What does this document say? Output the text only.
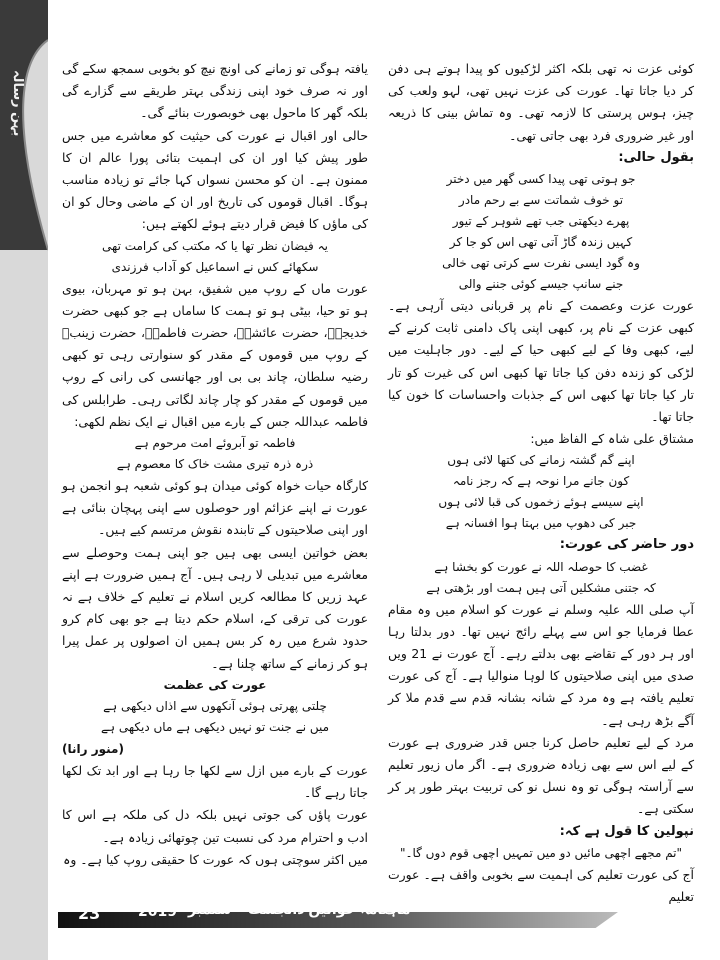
بہن رسالہ

کوئی عزت نہ تھی بلکہ اکثر لڑکیوں کو پیدا ہوتے ہی دفن کر دیا جاتا تھا۔ عورت کی عزت نہیں تھی، لہو ولعب کی چیز، ہوس پرستی کا لازمہ تھی۔ وہ تماش بینی کا ذریعہ اور غیر ضروری فرد بھی جاتی تھی۔

بقول حالی:

جو ہوتی تھی پیدا کسی گھر میں دختر
تو خوف شماتت سے بے رحم مادر
پھرے دیکھتی جب تھے شوہر کے تیور
کہیں زندہ گاڑ آتی تھی اس کو جا کر
وہ گود ایسی نفرت سے کرتی تھی خالی
جنے سانپ جیسے کوئی جننے والی

عورت عزت وعصمت کے نام پر قربانی دیتی آرہی ہے۔ کبھی عزت کے نام پر، کبھی اپنی پاک دامنی ثابت کرنے کے لیے، کبھی وفا کے لیے کبھی حیا کے لیے۔ دور جاہلیت میں لڑکی کو زندہ دفن کیا جاتا تھا کبھی اس کی غیرت کو تار تار کیا جاتا تھا کبھی اس کے جذبات واحساسات کا خون کیا جاتا تھا۔

مشتاق علی شاہ کے الفاظ میں:

اپنے گم گشتہ زمانے کی کتھا لائی ہوں
کون جانے مرا نوحہ ہے کہ رجز نامہ
اپنے سیسے ہوئے زخموں کی قبا لائی ہوں
جبر کی دھوپ میں بہتا ہوا افسانہ ہے

دور حاضر کی عورت:

غضب کا حوصلہ اللہ نے عورت کو بخشا ہے
کہ جتنی مشکلیں آتی ہیں ہمت اور بڑھتی ہے

آپ صلی اللہ علیہ وسلم نے عورت کو اسلام میں وہ مقام عطا فرمایا جو اس سے پہلے رائج نہیں تھا۔ دور بدلتا رہا اور ہر دور کے تقاضے بھی بدلتے رہے۔ آج عورت نے 21 ویں صدی میں اپنی صلاحیتوں کا لوہا منوالیا ہے۔ آج کی عورت تعلیم یافتہ ہے وہ مرد کے شانہ بشانہ قدم سے قدم ملا کر آگے بڑھ رہی ہے۔

مرد کے لیے تعلیم حاصل کرنا جس قدر ضروری ہے عورت کے لیے اس سے بھی زیادہ ضروری ہے۔ اگر ماں زیور تعلیم سے آراستہ ہوگی تو وہ نسل نو کی تربیت بہتر طور پر کر سکتی ہے۔

نپولین کا قول ہے کہ:

"تم مجھے اچھی مائیں دو میں تمہیں اچھی قوم دوں گا۔"

آج کی عورت تعلیم کی اہمیت سے بخوبی واقف ہے۔ عورت تعلیم

یافتہ ہوگی تو زمانے کی اونچ نیچ کو بخوبی سمجھ سکے گی اور نہ صرف خود اپنی زندگی بہتر طریقے سے گزارے گی بلکہ گھر کا ماحول بھی خوبصورت بنائے گی۔

حالی اور اقبال نے عورت کی حیثیت کو معاشرے میں جس طور پیش کیا اور ان کی اہمیت بتائی پورا عالم ان کا ممنون ہے۔ ان کو محسن نسواں کہا جائے تو زیادہ مناسب ہوگا۔ اقبال قوموں کی تاریخ اور ان کے ماضی وحال کو ان کی ماؤں کا فیض قرار دیتے ہوئے لکھتے ہیں:

یہ فیضان نظر تھا یا کہ مکتب کی کرامت تھی
سکھائے کس نے اسماعیل کو آداب فرزندی

عورت ماں کے روپ میں شفیق، بہن ہو تو مہربان، بیوی ہو تو حیا، بیٹی ہو تو ہمت کا ساماں ہے جو کبھی حضرت خدیجہؓ، حضرت عائشہؓ، حضرت فاطمہؓ، حضرت زینبؓ کے روپ میں قوموں کے مقدر کو سنوارتی رہی تو کبھی رضیہ سلطان، چاند بی بی اور جھانسی کی رانی کے روپ میں قوموں کے مقدر کو چار چاند لگاتی رہی۔ طرابلس کی فاطمہ عبداللہ جس کے بارے میں اقبال نے ایک نظم لکھی:

فاطمہ تو آبروئے امت مرحوم ہے
ذرہ ذرہ تیری مشت خاک کا معصوم ہے

کارگاہ حیات خواہ کوئی میدان ہو کوئی شعبہ ہو انجمن ہو عورت نے اپنے عزائم اور حوصلوں سے اپنی پہچان بنائی ہے اور اپنی صلاحیتوں کے تابندہ نقوش مرتسم کیے ہیں۔

بعض خواتین ایسی بھی ہیں جو اپنی ہمت وحوصلے سے معاشرے میں تبدیلی لا رہی ہیں۔ آج ہمیں ضرورت ہے اپنے عہد زریں کا مطالعہ کریں اسلام نے تعلیم کے خلاف ہے نہ عورت کی ترقی کے، اسلام حکم دیتا ہے جو بھی کام کرو حدود شرع میں رہ کر بس ہمیں ان اصولوں پر عمل پیرا ہو کر زمانے کے ساتھ چلنا ہے۔

عورت کی عظمت

چلتی پھرتی ہوئی آنکھوں سے اذاں دیکھی ہے
میں نے جنت تو نہیں دیکھی ہے ماں دیکھی ہے

(منور رانا)

عورت کے بارے میں ازل سے لکھا جا رہا ہے اور ابد تک لکھا جاتا رہے گا۔

عورت پاؤں کی جوتی نہیں بلکہ دل کی ملکہ ہے اس کا ادب و احترام مرد کی نسبت تین چوتھائی زیادہ ہے۔

میں اکثر سوچتی ہوں کہ عورت کا حقیقی روپ کیا ہے۔ وہ

23	2019 ستمبر ماہنامہ خواتین ڈائجسٹ
